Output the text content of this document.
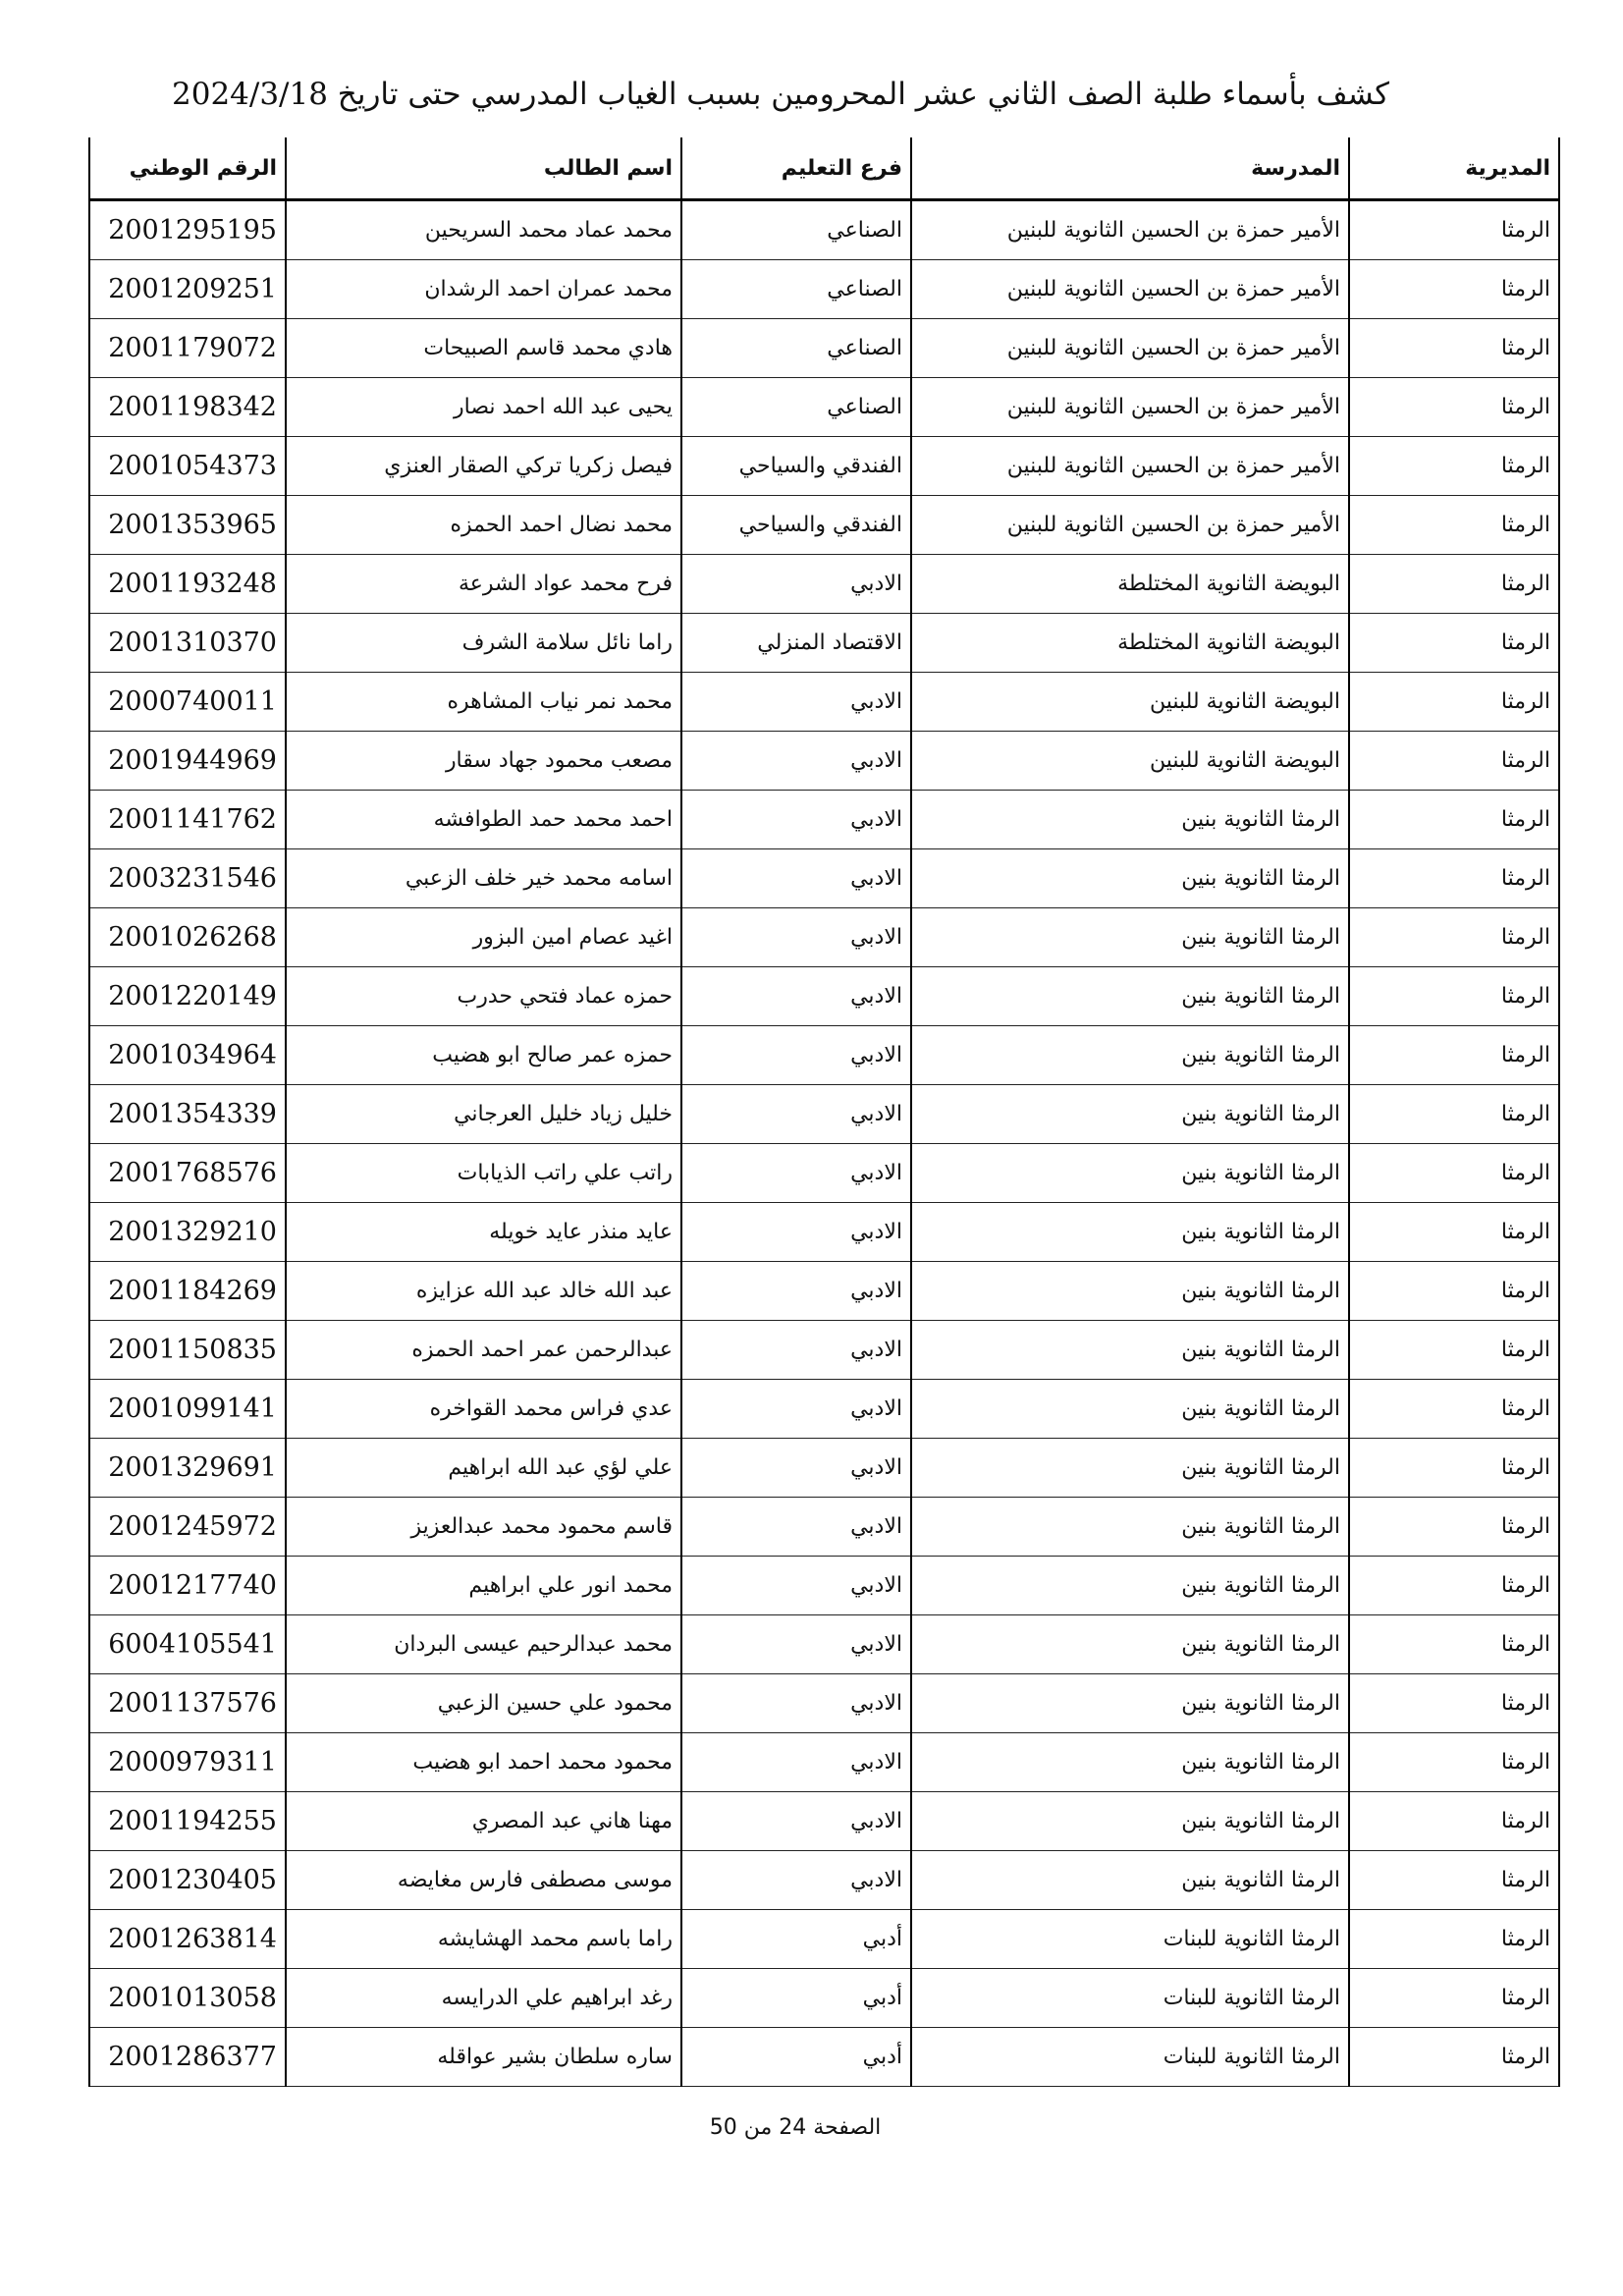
كشف بأسماء طلبة الصف الثاني عشر المحرومين بسبب الغياب المدرسي حتى تاريخ 2024/3/18
الرقم الوطني	اسم الطالب	فرع التعليم	المدرسة	المديرية
2001295195	محمد عماد محمد السريحين	الصناعي	الأمير حمزة بن الحسين الثانوية للبنين	الرمثا
2001209251	محمد عمران احمد الرشدان	الصناعي	الأمير حمزة بن الحسين الثانوية للبنين	الرمثا
2001179072	هادي محمد قاسم الصبيحات	الصناعي	الأمير حمزة بن الحسين الثانوية للبنين	الرمثا
2001198342	يحيى عبد الله احمد نصار	الصناعي	الأمير حمزة بن الحسين الثانوية للبنين	الرمثا
2001054373	فيصل زكريا تركي الصقار العنزي	الفندقي والسياحي	الأمير حمزة بن الحسين الثانوية للبنين	الرمثا
2001353965	محمد نضال احمد الحمزه	الفندقي والسياحي	الأمير حمزة بن الحسين الثانوية للبنين	الرمثا
2001193248	فرح محمد عواد الشرعة	الادبي	البويضة الثانوية المختلطة	الرمثا
2001310370	راما نائل سلامة الشرف	الاقتصاد المنزلي	البويضة الثانوية المختلطة	الرمثا
2000740011	محمد نمر نياب المشاهره	الادبي	البويضة الثانوية للبنين	الرمثا
2001944969	مصعب محمود جهاد سقار	الادبي	البويضة الثانوية للبنين	الرمثا
2001141762	احمد محمد حمد الطوافشه	الادبي	الرمثا الثانوية بنين	الرمثا
2003231546	اسامه محمد خير خلف الزعبي	الادبي	الرمثا الثانوية بنين	الرمثا
2001026268	اغيد عصام امين البزور	الادبي	الرمثا الثانوية بنين	الرمثا
2001220149	حمزه عماد فتحي حدرب	الادبي	الرمثا الثانوية بنين	الرمثا
2001034964	حمزه عمر صالح ابو هضيب	الادبي	الرمثا الثانوية بنين	الرمثا
2001354339	خليل زياد خليل العرجاني	الادبي	الرمثا الثانوية بنين	الرمثا
2001768576	راتب علي راتب الذيابات	الادبي	الرمثا الثانوية بنين	الرمثا
2001329210	عايد منذر عايد خويله	الادبي	الرمثا الثانوية بنين	الرمثا
2001184269	عبد الله خالد عبد الله عزايزه	الادبي	الرمثا الثانوية بنين	الرمثا
2001150835	عبدالرحمن عمر احمد الحمزه	الادبي	الرمثا الثانوية بنين	الرمثا
2001099141	عدي فراس محمد القواخره	الادبي	الرمثا الثانوية بنين	الرمثا
2001329691	علي لؤي عبد الله ابراهيم	الادبي	الرمثا الثانوية بنين	الرمثا
2001245972	قاسم محمود محمد عبدالعزيز	الادبي	الرمثا الثانوية بنين	الرمثا
2001217740	محمد انور علي ابراهيم	الادبي	الرمثا الثانوية بنين	الرمثا
6004105541	محمد عبدالرحيم عيسى البردان	الادبي	الرمثا الثانوية بنين	الرمثا
2001137576	محمود علي حسين الزعبي	الادبي	الرمثا الثانوية بنين	الرمثا
2000979311	محمود محمد احمد ابو هضيب	الادبي	الرمثا الثانوية بنين	الرمثا
2001194255	مهنا هاني عبد المصري	الادبي	الرمثا الثانوية بنين	الرمثا
2001230405	موسى مصطفى فارس مغايضه	الادبي	الرمثا الثانوية بنين	الرمثا
2001263814	راما باسم محمد الهشايشه	أدبي	الرمثا الثانوية للبنات	الرمثا
2001013058	رغد ابراهيم علي الدرايسه	أدبي	الرمثا الثانوية للبنات	الرمثا
2001286377	ساره سلطان بشير عواقله	أدبي	الرمثا الثانوية للبنات	الرمثا
الصفحة 24 من 50
